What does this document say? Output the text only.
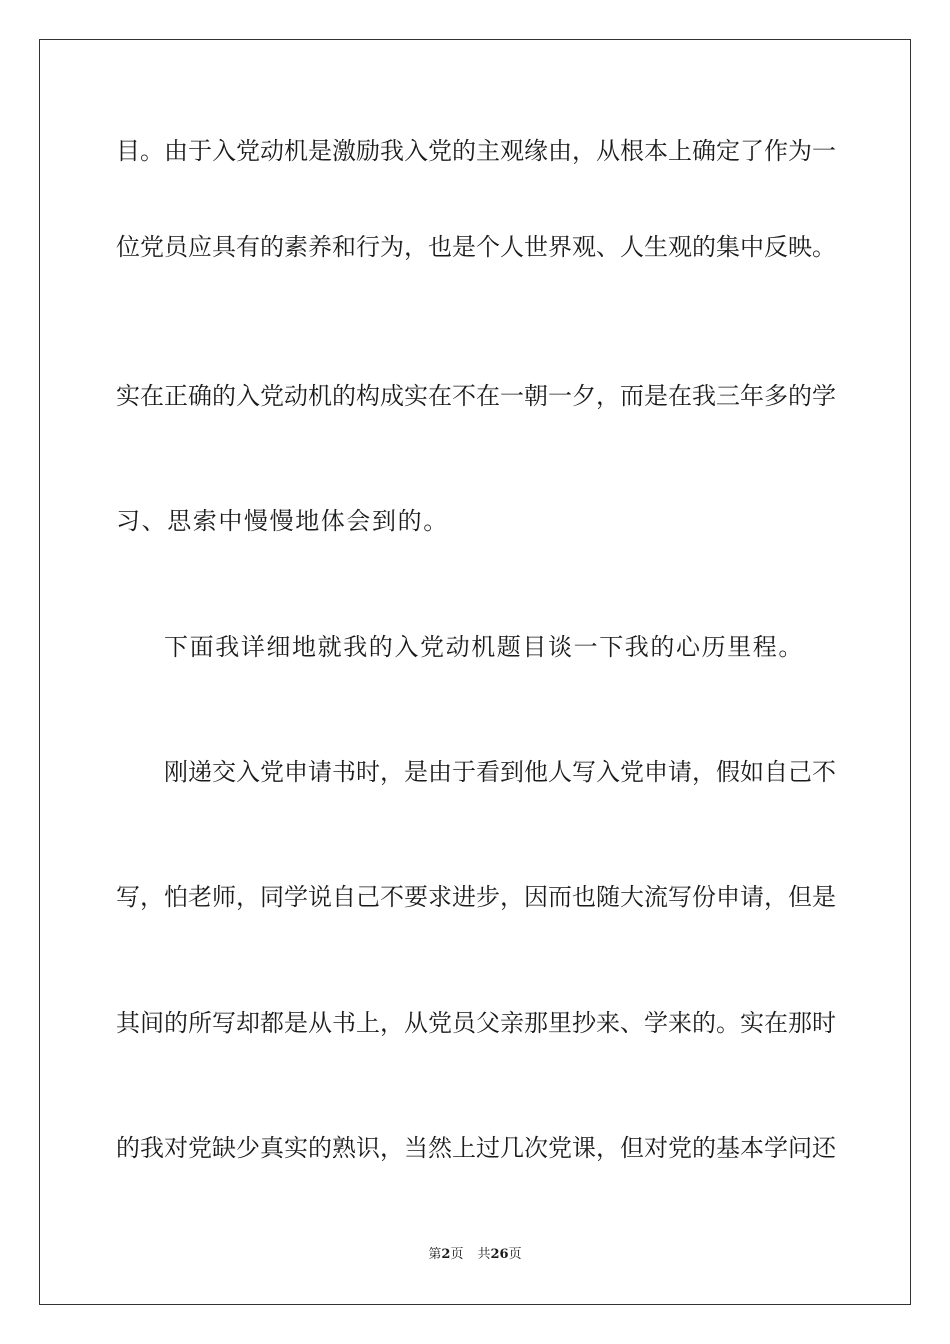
目。由于入党动机是激励我入党的主观缘由，从根本上确定了作为一
位党员应具有的素养和行为，也是个人世界观、人生观的集中反映。
实在正确的入党动机的构成实在不在一朝一夕，而是在我三年多的学
习、思索中慢慢地体会到的。
下面我详细地就我的入党动机题目谈一下我的心历里程。
刚递交入党申请书时，是由于看到他人写入党申请，假如自己不
写，怕老师，同学说自己不要求进步，因而也随大流写份申请，但是
其间的所写却都是从书上，从党员父亲那里抄来、学来的。实在那时
的我对党缺少真实的熟识，当然上过几次党课，但对党的基本学问还
第2页 共26页
